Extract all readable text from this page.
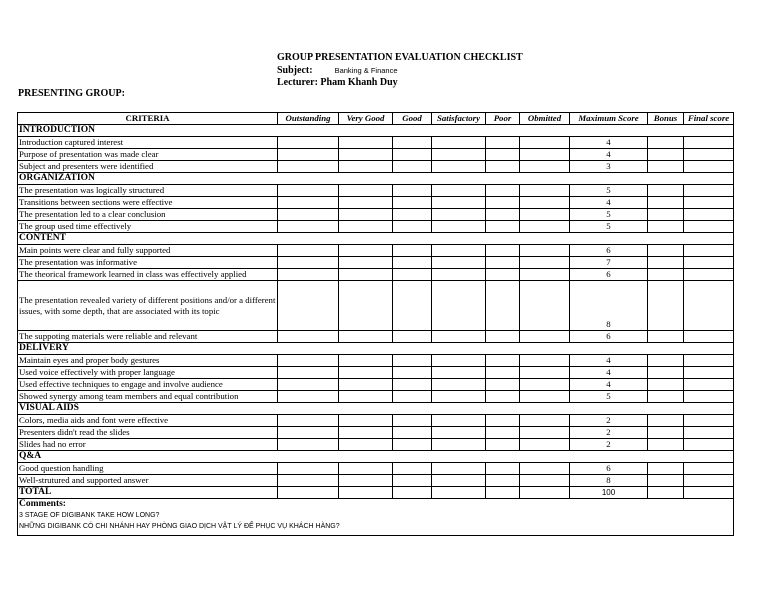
GROUP PRESENTATION EVALUATION CHECKLIST
Subject:	Banking & Finance
Lecturer: Pham Khanh Duy
PRESENTING GROUP:
CRITERIA	Outstanding	Very Good	Good	Satisfactory	Poor	Obmitted	Maximum Score	Bonus	Final score
INTRODUCTION									
Introduction captured interest							4		
Purpose of presentation was made clear							4		
Subject and presenters were identified							3		
ORGANIZATION									
The presentation was logically structured							5		
Transitions between sections were effective							4		
The presentation led to a clear conclusion							5		
The group used time effectively							5		
CONTENT									
Main points were clear and fully supported							6		
The presentation was informative							7		
The theorical framework learned in class was effectively applied							6		
The presentation revealed variety of different positions and/or a different issues, with some depth, that are associated with its topic							8		
The suppoting materials were reliable and relevant							6		
DELIVERY									
Maintain eyes and proper body gestures							4		
Used voice effectively with proper language							4		
Used effective techniques to engage and involve audience							4		
Showed synergy among team members and equal contribution							5		
VISUAL AIDS									
Colors, media aids and font were effective							2		
Presenters didn't read the slides							2		
Slides had no error							2		
Q&A									
Good question handling							6		
Well-strutured and supported answer							8		
TOTAL							100		

Comments:
3 STAGE OF DIGIBANK TAKE HOW LONG?
NHỮNG DIGIBANK CÓ CHI NHÁNH HAY PHÒNG GIAO DỊCH VẬT LÝ ĐỂ PHỤC VỤ KHÁCH HÀNG?									
